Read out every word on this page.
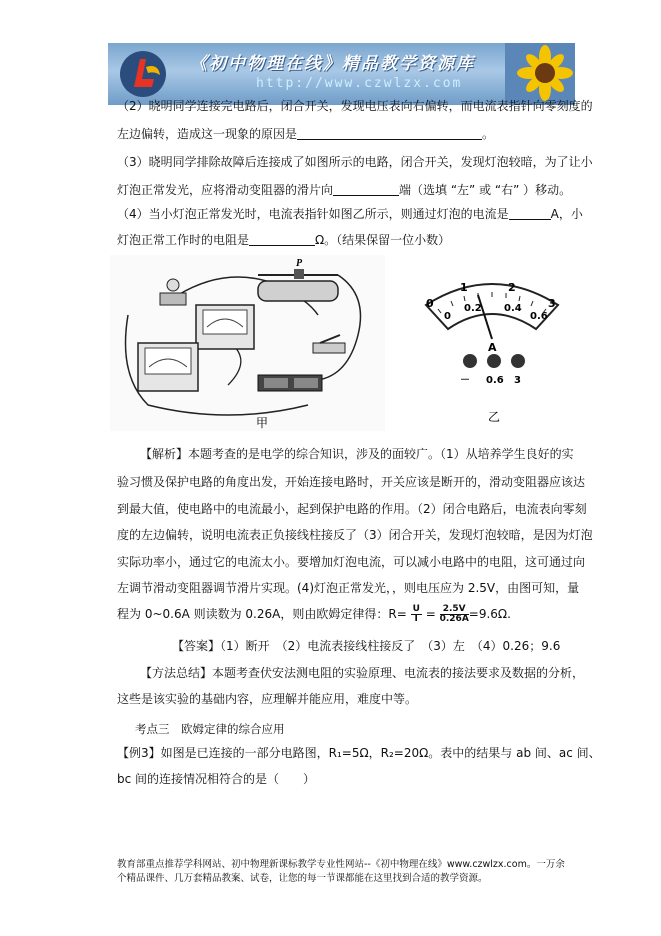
《初中物理在线》精品教学资源库
http://www.czwlzx.com
（2）晓明同学连接完电路后，闭合开关，发现电压表向右偏转，而电流表指针向零刻度的
左边偏转，造成这一现象的原因是	。
（3）晓明同学排除故障后连接成了如图所示的电路，闭合开关，发现灯泡较暗，为了让小
灯泡正常发光，应将滑动变阻器的滑片向	端（选填 “左” 或 “右” ）移动。
（4）当小灯泡正常发光时，电流表指针如图乙所示，则通过灯泡的电流是	A，小
灯泡正常工作时的电阻是	Ω。（结果保留一位小数）
P
甲
0
1	2
3
0
0.2 0.4
0.6
A
－ 0.6 3
乙
【解析】本题考查的是电学的综合知识，涉及的面较广。（1）从培养学生良好的实
验习惯及保护电路的角度出发，开始连接电路时，开关应该是断开的，滑动变阻器应该达
到最大值，使电路中的电流最小，起到保护电路的作用。（2）闭合电路后，电流表向零刻
度的左边偏转，说明电流表正负接线柱接反了（3）闭合开关，发现灯泡较暗，是因为灯泡
实际功率小，通过它的电流太小。要增加灯泡电流，可以减小电路中的电阻，这可通过向
左调节滑动变阻器调节滑片实现。(4)灯泡正常发光，，则电压应为 2.5V，由图可知，量
程为 0~0.6A 则读数为 0.26A，则由欧姆定律得：$R= \frac{U}{I} = \frac{2.5V}{0.26A} =9.6\Omega$.
【答案】（1）断开　（2）电流表接线柱接反了　（3）左　（4）0.26；9.6
【方法总结】本题考查伏安法测电阻的实验原理、电流表的接法要求及数据的分析，
这些是该实验的基础内容，应理解并能应用，难度中等。
考点三　欧姆定律的综合应用
【例3】如图是已连接的一部分电路图，R₁=5Ω，R₂=20Ω。表中的结果与 ab 间、ac 间、
bc 间的连接情况相符合的是（　　）
教育部重点推荐学科网站、初中物理新课标教学专业性网站--《初中物理在线》www.czwlzx.com。一万余
个精品课件、几万套精品教案、试卷，让您的每一节课都能在这里找到合适的教学资源。
